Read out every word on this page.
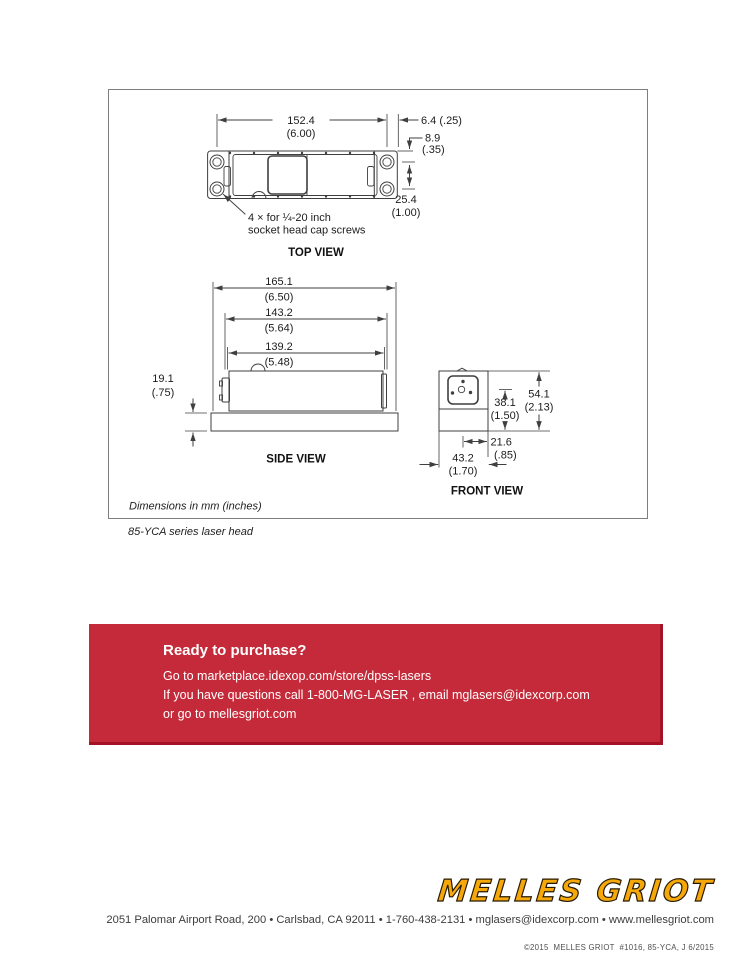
152.4
(6.00)
6.4 (.25)
8.9
(.35)
25.4
(1.00)
4 × for ¼-20 inch
socket head cap screws
TOP VIEW
165.1
(6.50)
143.2
(5.64)
139.2
(5.48)
19.1
(.75)
SIDE VIEW
54.1
(2.13)
38.1
(1.50)
21.6
(.85)
43.2
(1.70)
FRONT VIEW
Dimensions in mm (inches)
85-YCA series laser head
Ready to purchase?
Go to marketplace.idexop.com/store/dpss-lasers
If you have questions call 1-800-MG-LASER , email mglasers@idexcorp.com
or go to mellesgriot.com
MELLES GRIOT
2051 Palomar Airport Road, 200 • Carlsbad, CA 92011 • 1-760-438-2131 • mglasers@idexcorp.com • www.mellesgriot.com
©2015  MELLES GRIOT  #1016, 85-YCA, J 6/2015
